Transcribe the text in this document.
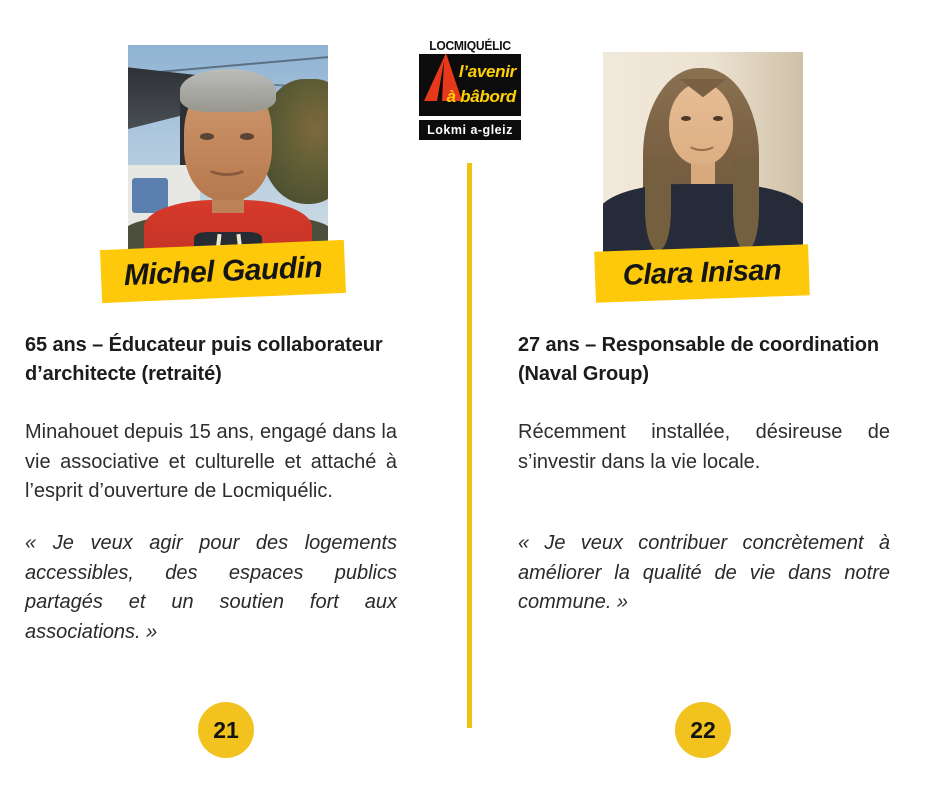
LOCMIQUÉLIC
l’avenir
à bâbord
Lokmi a-gleiz
Michel Gaudin	Clara Inisan
65 ans – Éducateur puis collaborateur d’architecte (retraité)

Minahouet depuis 15 ans, engagé dans la vie associative et culturelle et attaché à l’esprit d’ouverture de Locmiquélic.

« Je veux agir pour des logements accessibles, des espaces publics partagés et un soutien fort aux associations. »

27 ans – Responsable de coordination (Naval Group)

Récemment installée, désireuse de s’investir dans la vie locale.

« Je veux contribuer concrètement à améliorer la qualité de vie dans notre commune. »

21	22
